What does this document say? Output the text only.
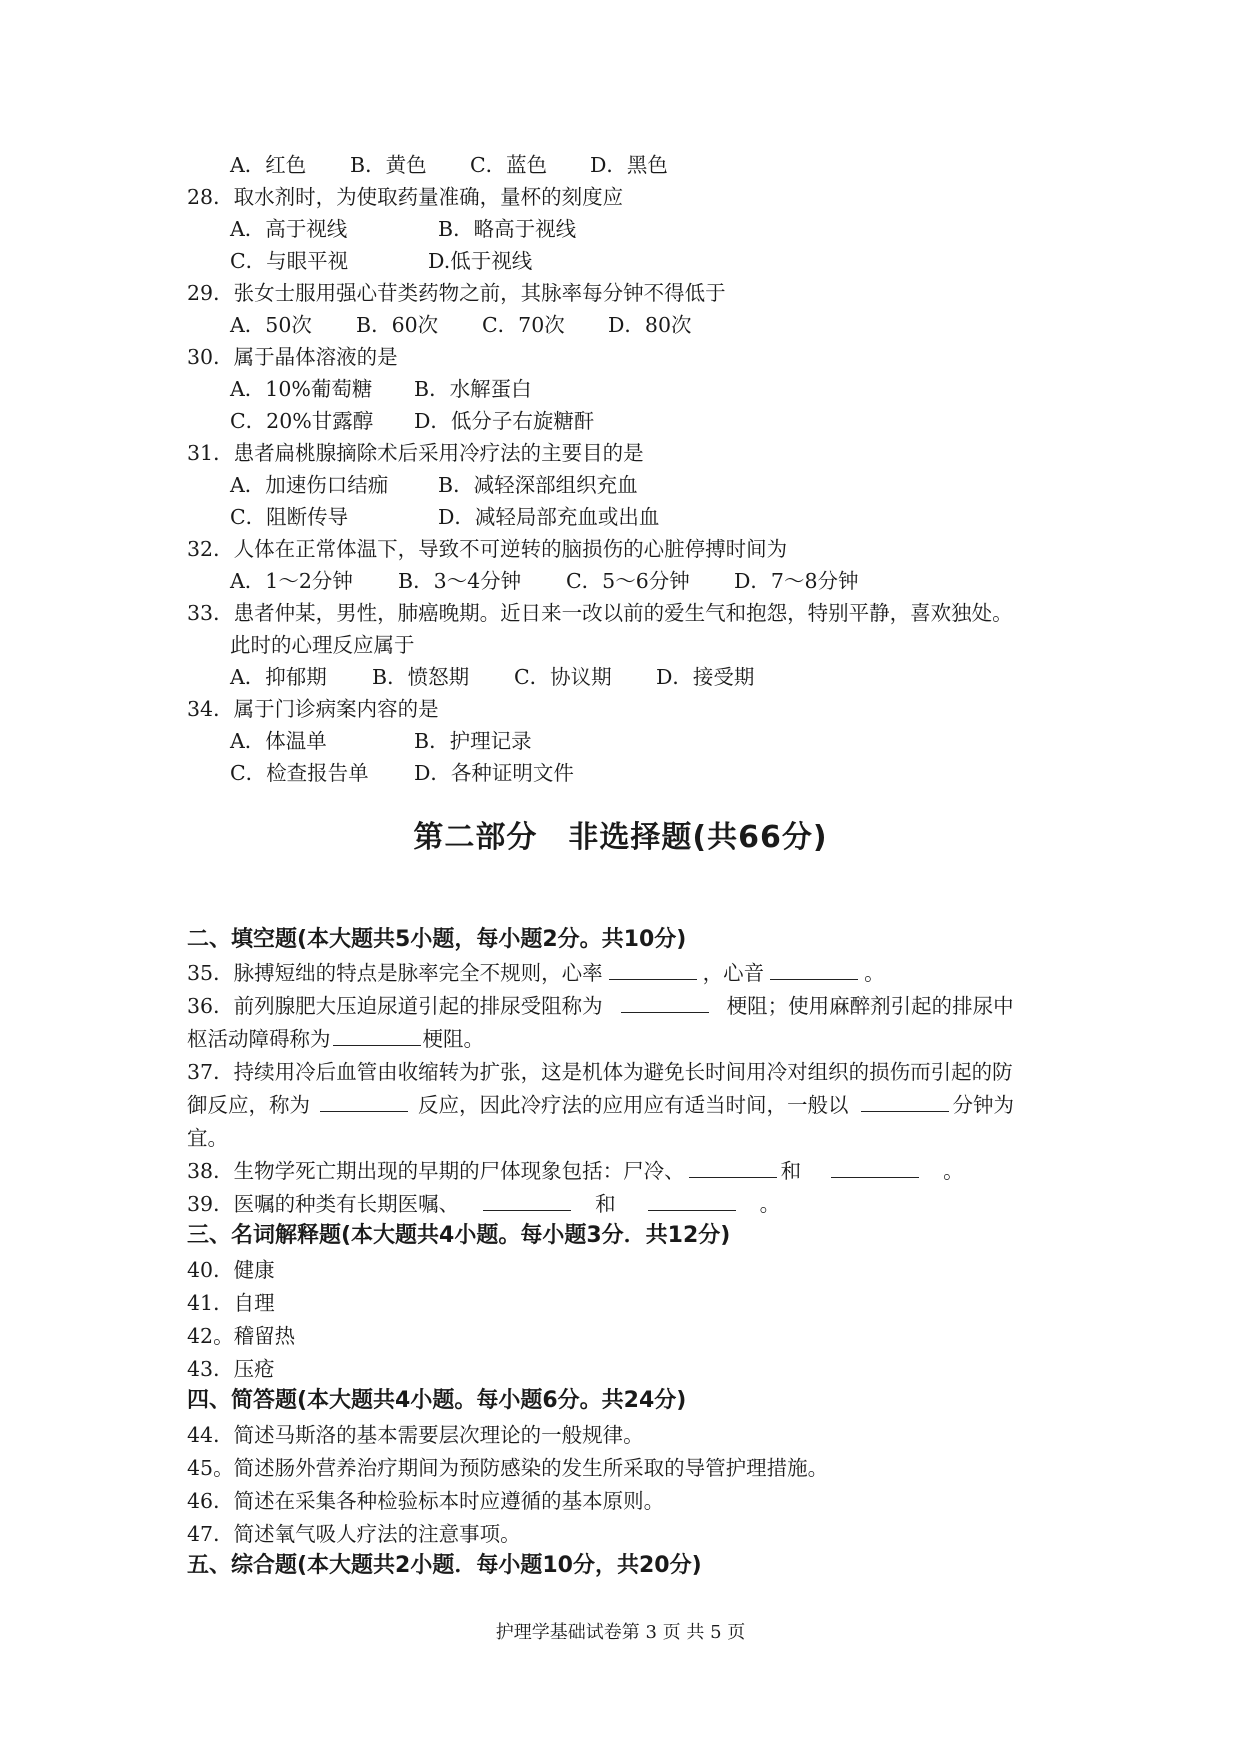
A．红色 B．黄色 C．蓝色 D．黑色
28．取水剂时，为使取药量准确，量杯的刻度应
A．高于视线	B．略高于视线
C．与眼平视	D.低于视线
29．张女士服用强心苷类药物之前，其脉率每分钟不得低于
A．50次 B．60次 C．70次 D．80次
30．属于晶体溶液的是
A．10%葡萄糖 B．水解蛋白
C．20%甘露醇 D．低分子右旋糖酐
31．患者扁桃腺摘除术后采用冷疗法的主要目的是
A．加速伤口结痂 B．减轻深部组织充血
C．阻断传导	D．减轻局部充血或出血
32．人体在正常体温下，导致不可逆转的脑损伤的心脏停搏时间为
A．1～2分钟 B．3～4分钟 C．5～6分钟 D．7～8分钟
33．患者仲某，男性，肺癌晚期。近日来一改以前的爱生气和抱怨，特别平静，喜欢独处。
此时的心理反应属于
A．抑郁期 B．愤怒期 C．协议期 D．接受期
34．属于门诊病案内容的是
A．体温单	B．护理记录
C．检查报告单 D．各种证明文件
第二部分　非选择题(共66分)
二、填空题(本大题共5小题，每小题2分。共10分)
35．脉搏短绌的特点是脉率完全不规则，心率	，心音	。
36．前列腺肥大压迫尿道引起的排尿受阻称为	梗阻；使用麻醉剂引起的排尿中
枢活动障碍称为	梗阻。
37．持续用冷后血管由收缩转为扩张，这是机体为避免长时间用冷对组织的损伤而引起的防
御反应，称为	反应，因此冷疗法的应用应有适当时间，一般以	分钟为
宜。
38．生物学死亡期出现的早期的尸体现象包括：尸冷、	和	。
39．医嘱的种类有长期医嘱、	和	。
三、名词解释题(本大题共4小题。每小题3分．共12分)
40．健康
41．自理
42。稽留热
43．压疮
四、简答题(本大题共4小题。每小题6分。共24分)
44．简述马斯洛的基本需要层次理论的一般规律。
45。简述肠外营养治疗期间为预防感染的发生所采取的导管护理措施。
46．简述在采集各种检验标本时应遵循的基本原则。
47．简述氧气吸人疗法的注意事项。
五、综合题(本大题共2小题．每小题10分，共20分)
护理学基础试卷第 3 页 共 5 页
